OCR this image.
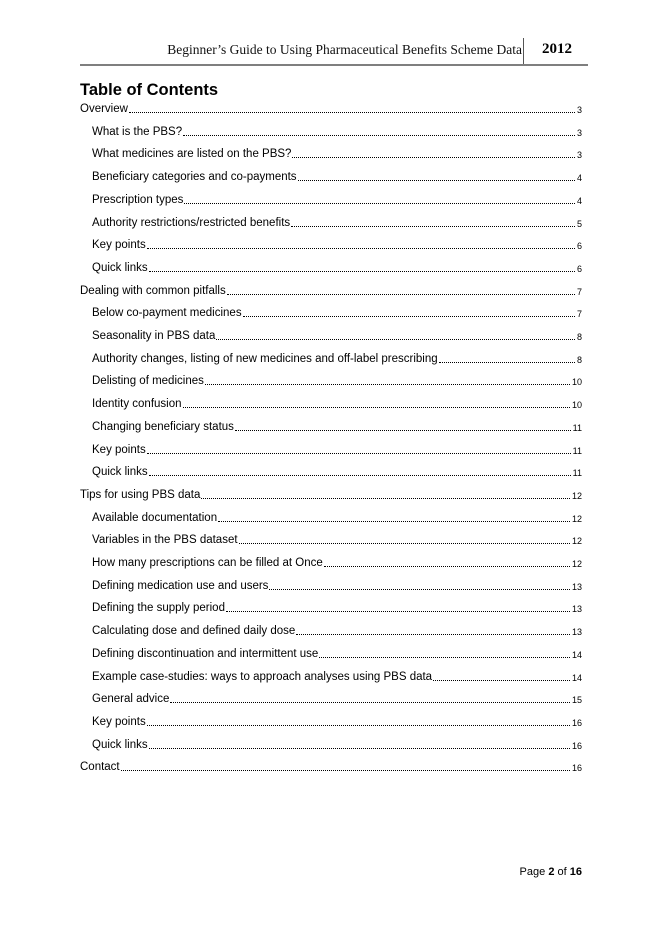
Beginner’s Guide to Using Pharmaceutical Benefits Scheme Data	2012
Table of Contents
Overview	3
What is the PBS?	3
What medicines are listed on the PBS?	3
Beneficiary categories and co-payments	4
Prescription types	4
Authority restrictions/restricted benefits	5
Key points	6
Quick links	6
Dealing with common pitfalls	7
Below co-payment medicines	7
Seasonality in PBS data	8
Authority changes, listing of new medicines and off-label prescribing	8
Delisting of medicines	10
Identity confusion	10
Changing beneficiary status	11
Key points	11
Quick links	11
Tips for using PBS data	12
Available documentation	12
Variables in the PBS dataset	12
How many prescriptions can be filled at Once	12
Defining medication use and users	13
Defining the supply period	13
Calculating dose and defined daily dose	13
Defining discontinuation and intermittent use	14
Example case-studies: ways to approach analyses using PBS data	14
General advice	15
Key points	16
Quick links	16
Contact	16
Page 2 of 16
